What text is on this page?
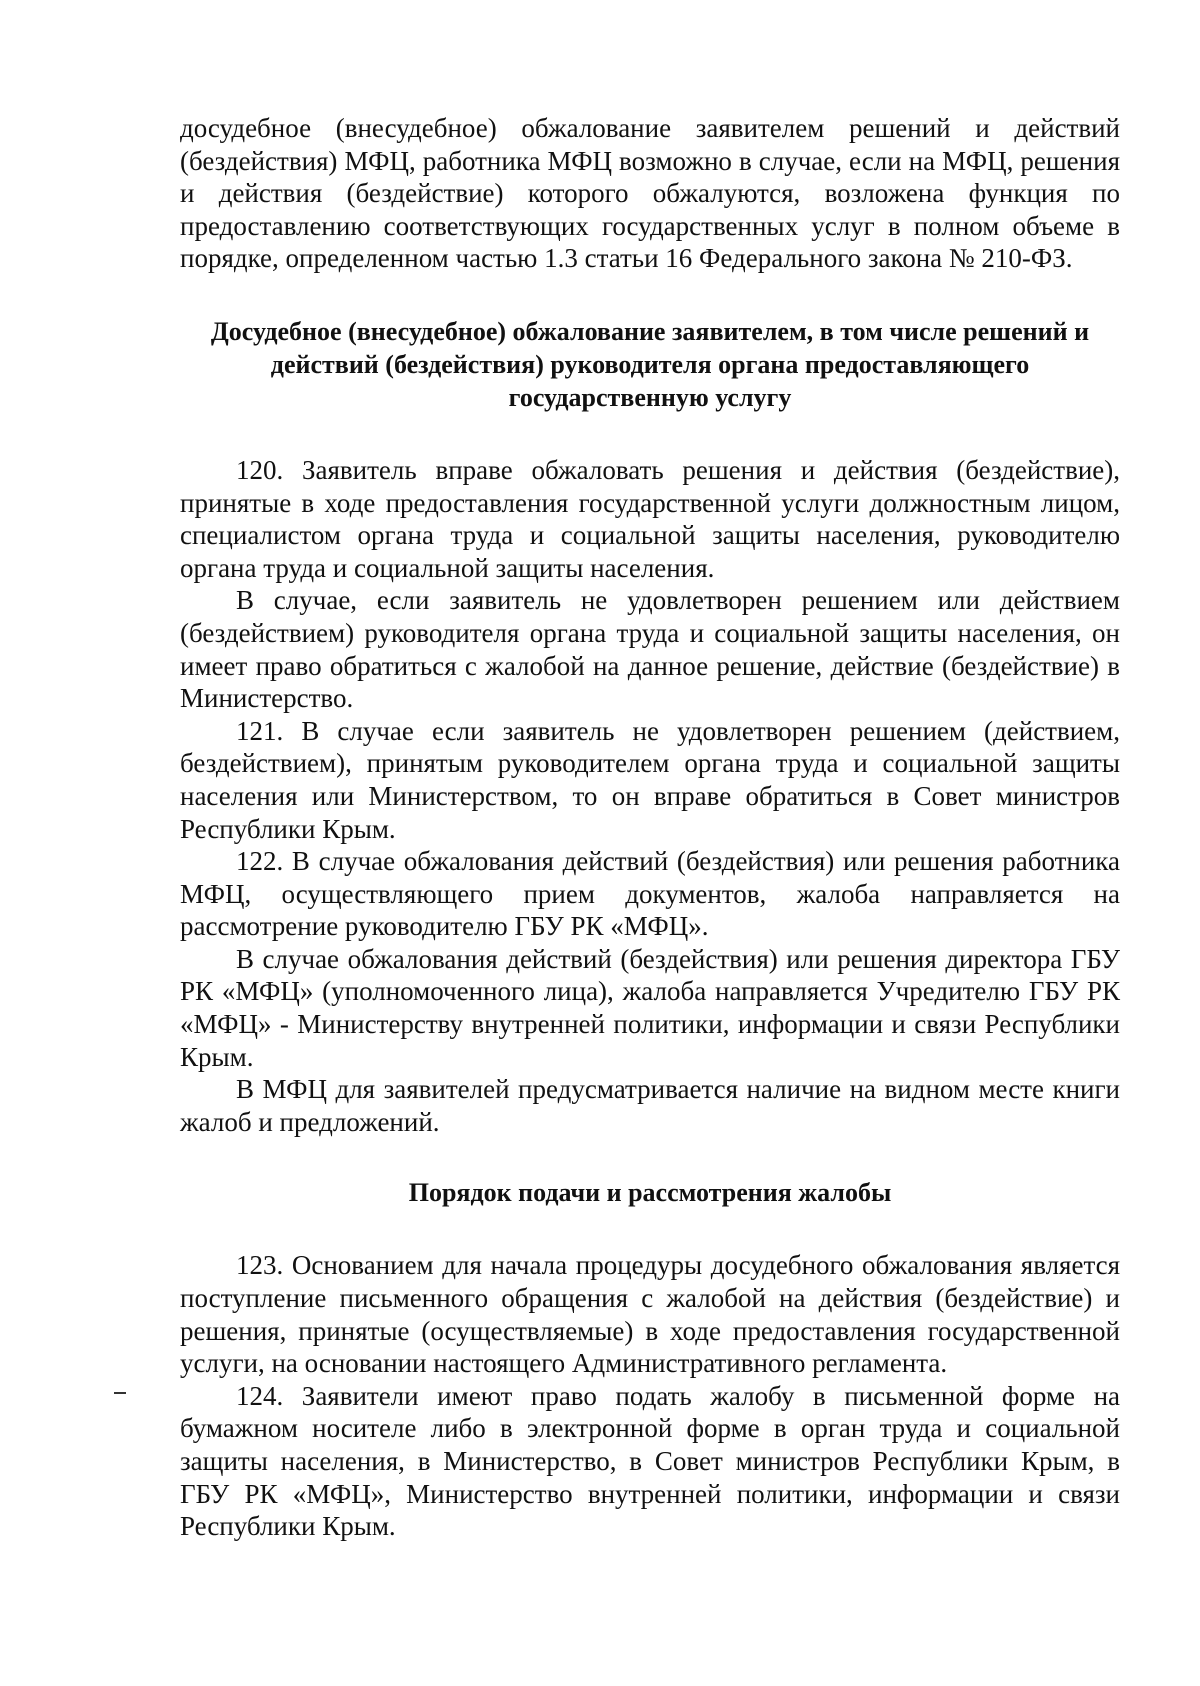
досудебное (внесудебное) обжалование заявителем решений и действий (бездействия) МФЦ, работника МФЦ возможно в случае, если на МФЦ, решения и действия (бездействие) которого обжалуются, возложена функция по предоставлению соответствующих государственных услуг в полном объеме в порядке, определенном частью 1.3 статьи 16 Федерального закона № 210-ФЗ.

Досудебное (внесудебное) обжалование заявителем, в том числе решений и действий (бездействия) руководителя органа предоставляющего государственную услугу

120. Заявитель вправе обжаловать решения и действия (бездействие), принятые в ходе предоставления государственной услуги должностным лицом, специалистом органа труда и социальной защиты населения, руководителю органа труда и социальной защиты населения.

В случае, если заявитель не удовлетворен решением или действием (бездействием) руководителя органа труда и социальной защиты населения, он имеет право обратиться с жалобой на данное решение, действие (бездействие) в Министерство.

121. В случае если заявитель не удовлетворен решением (действием, бездействием), принятым руководителем органа труда и социальной защиты населения или Министерством, то он вправе обратиться в Совет министров Республики Крым.

122. В случае обжалования действий (бездействия) или решения работника МФЦ, осуществляющего прием документов, жалоба направляется на рассмотрение руководителю ГБУ РК «МФЦ».

В случае обжалования действий (бездействия) или решения директора ГБУ РК «МФЦ» (уполномоченного лица), жалоба направляется Учредителю ГБУ РК «МФЦ» - Министерству внутренней политики, информации и связи Республики Крым.

В МФЦ для заявителей предусматривается наличие на видном месте книги жалоб и предложений.

Порядок подачи и рассмотрения жалобы

123. Основанием для начала процедуры досудебного обжалования является поступление письменного обращения с жалобой на действия (бездействие) и решения, принятые (осуществляемые) в ходе предоставления государственной услуги, на основании настоящего Административного регламента.

124. Заявители имеют право подать жалобу в письменной форме на бумажном носителе либо в электронной форме в орган труда и социальной защиты населения, в Министерство, в Совет министров Республики Крым, в ГБУ РК «МФЦ», Министерство внутренней политики, информации и связи Республики Крым.
